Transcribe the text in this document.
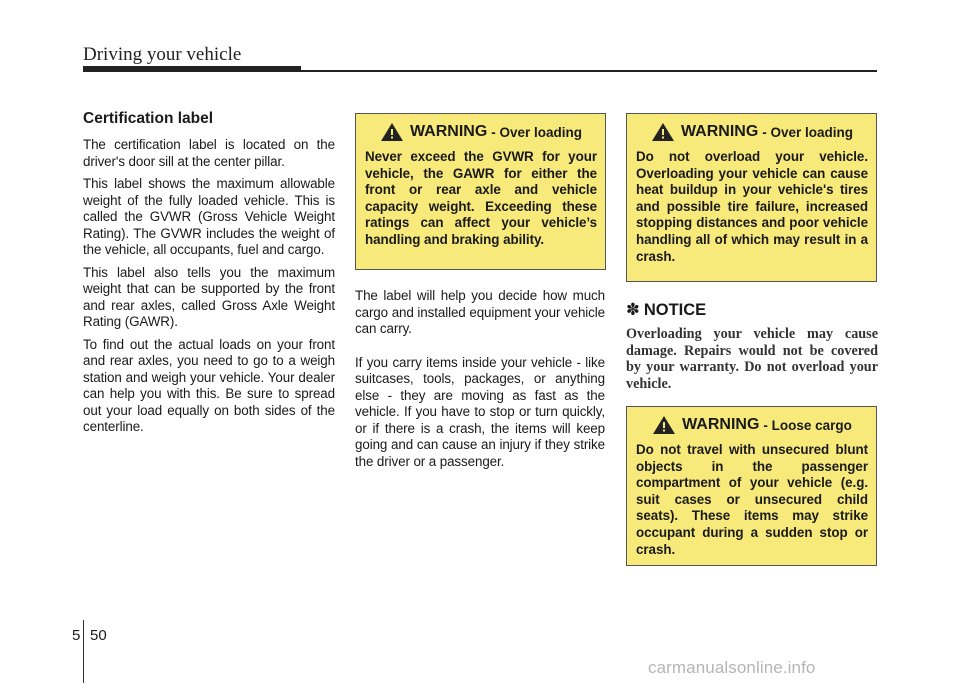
Driving your vehicle
Certification label

The certification label is located on the driver's door sill at the center pillar.

This label shows the maximum allowable weight of the fully loaded vehicle. This is called the GVWR (Gross Vehicle Weight Rating). The GVWR includes the weight of the vehicle, all occupants, fuel and cargo.

This label also tells you the maximum weight that can be supported by the front and rear axles, called Gross Axle Weight Rating (GAWR).

To find out the actual loads on your front and rear axles, you need to go to a weigh station and weigh your vehicle. Your dealer can help you with this. Be sure to spread out your load equally on both sides of the centerline.

WARNING - Over loading
Never exceed the GVWR for your vehicle, the GAWR for either the front or rear axle and vehicle capacity weight. Exceeding these ratings can affect your vehicle’s handling and braking ability.
WARNING - Over loading
Do not overload your vehicle. Overloading your vehicle can cause heat buildup in your vehicle's tires and possible tire failure, increased stopping distances and poor vehicle handling all of which may result in a crash.

The label will help you decide how much cargo and installed equipment your vehicle can carry.

If you carry items inside your vehicle - like suitcases, tools, packages, or anything else - they are moving as fast as the vehicle. If you have to stop or turn quickly, or if there is a crash, the items will keep going and can cause an injury if they strike the driver or a passenger.

✽ NOTICE
Overloading your vehicle may cause damage. Repairs would not be covered by your warranty. Do not overload your vehicle.
WARNING - Loose cargo
Do not travel with unsecured blunt objects in the passenger compartment of your vehicle (e.g. suit cases or unsecured child seats). These items may strike occupant during a sudden stop or crash.
5 50
carmanualsonline.info
